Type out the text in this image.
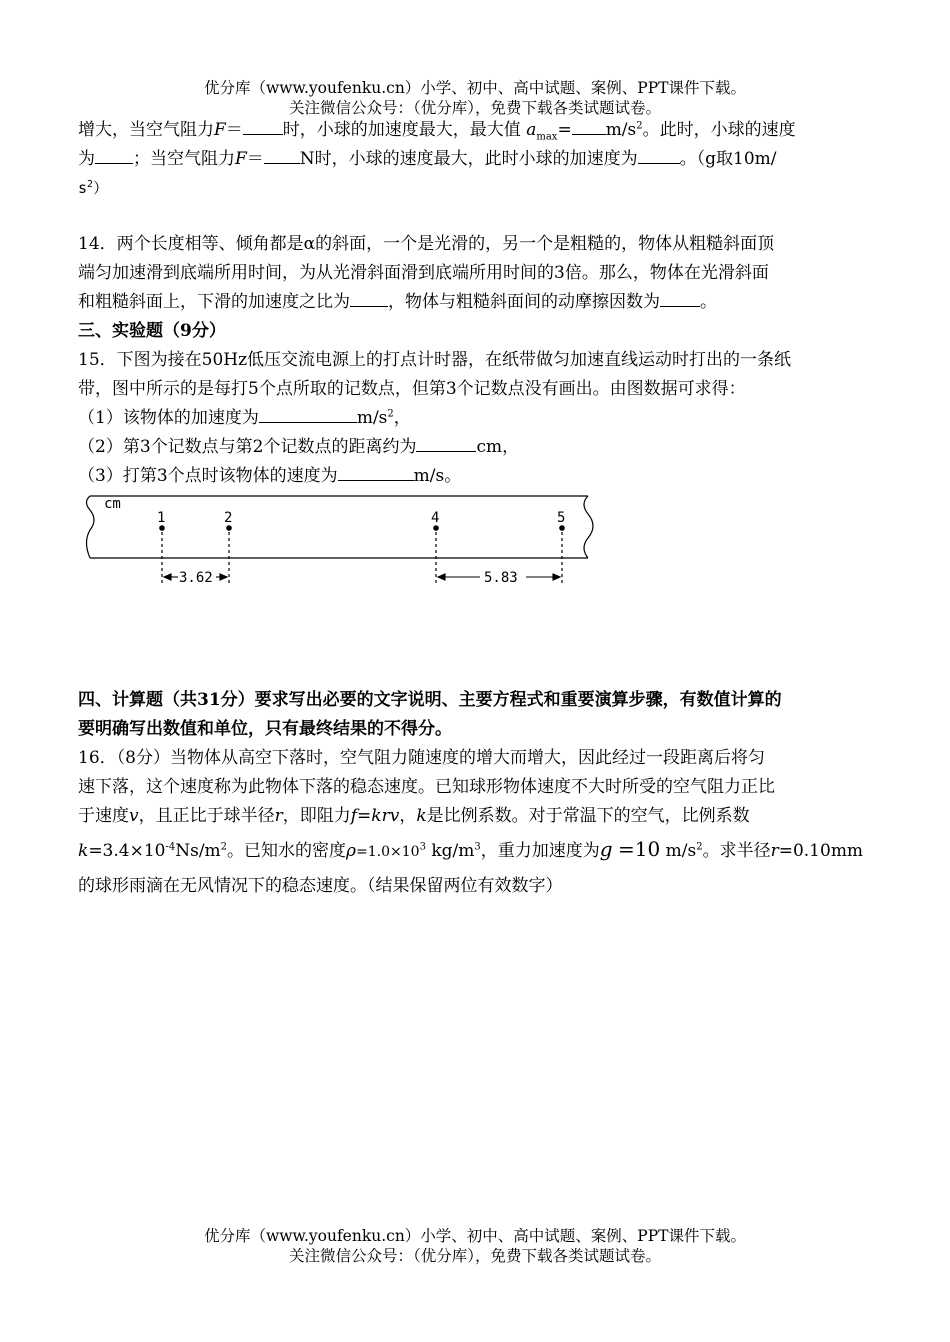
优分库（www.youfenku.cn）小学、初中、高中试题、案例、PPT课件下载。
关注微信公众号：（优分库），免费下载各类试题试卷。
增大，当空气阻力F＝ 时，小球的加速度最大，最大值 $a_{max}= m/s^2$。此时，小球的速度
为 ；当空气阻力F＝ N时，小球的速度最大，此时小球的加速度为 。（g取10m/
$s^2$）
14．两个长度相等、倾角都是α的斜面，一个是光滑的，另一个是粗糙的，物体从粗糙斜面顶
端匀加速滑到底端所用时间，为从光滑斜面滑到底端所用时间的3倍。那么，物体在光滑斜面
和粗糙斜面上，下滑的加速度之比为 ，物体与粗糙斜面间的动摩擦因数为 。
三、实验题（9分）
15．下图为接在50Hz低压交流电源上的打点计时器，在纸带做匀加速直线运动时打出的一条纸
带，图中所示的是每打5个点所取的记数点，但第3个记数点没有画出。由图数据可求得：
（1）该物体的加速度为	$m/s^2$，
（2）第3个记数点与第2个记数点的距离约为	cm，
（3）打第3个点时该物体的速度为	m/s。
cm
1	2	4	5
3.62	5.83
四、计算题（共31分）要求写出必要的文字说明、主要方程式和重要演算步骤，有数值计算的
要明确写出数值和单位，只有最终结果的不得分。
16．（8分）当物体从高空下落时，空气阻力随速度的增大而增大，因此经过一段距离后将匀
速下落，这个速度称为此物体下落的稳态速度。已知球形物体速度不大时所受的空气阻力正比
于速度v，且正比于球半径r，即阻力f=krv，k是比例系数。对于常温下的空气，比例系数
$k=3.4\times 10^{-4}Ns/m^2$。已知水的密度$\rho=1.0\times 10^3$ $kg/m^3$，重力加速度为g =10 $m/s^2$。求半径r=0.10mm
的球形雨滴在无风情况下的稳态速度。（结果保留两位有效数字）
优分库（www.youfenku.cn）小学、初中、高中试题、案例、PPT课件下载。
关注微信公众号：（优分库），免费下载各类试题试卷。
